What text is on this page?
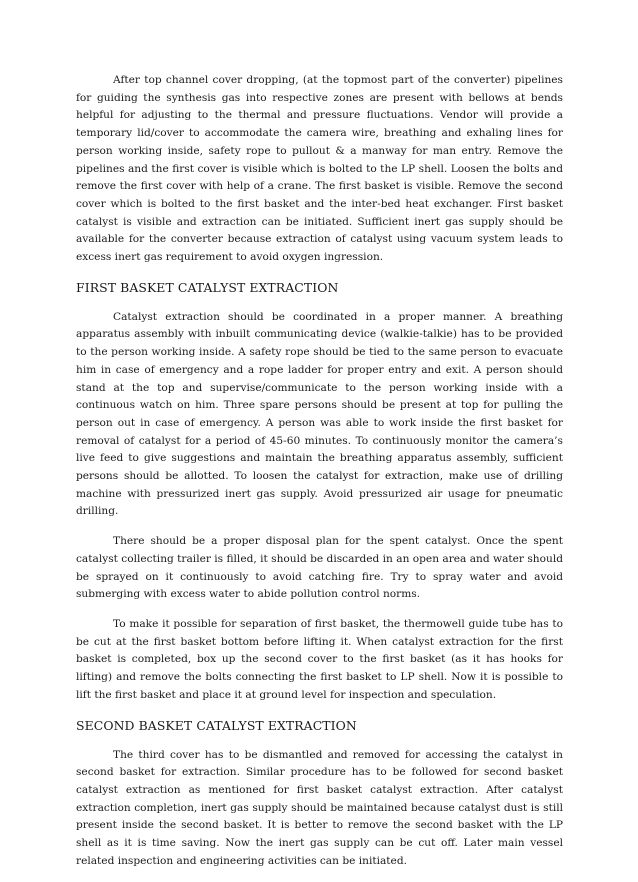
After top channel cover dropping, (at the topmost part of the converter) pipelines for guiding the synthesis gas into respective zones are present with bellows at bends helpful for adjusting to the thermal and pressure fluctuations. Vendor will provide a temporary lid/cover to accommodate the camera wire, breathing and exhaling lines for person working inside, safety rope to pullout & a manway for man entry. Remove the pipelines and the first cover is visible which is bolted to the LP shell. Loosen the bolts and remove the first cover with help of a crane. The first basket is visible. Remove the second cover which is bolted to the first basket and the inter-bed heat exchanger. First basket catalyst is visible and extraction can be initiated. Sufficient inert gas supply should be available for the converter because extraction of catalyst using vacuum system leads to excess inert gas requirement to avoid oxygen ingression.

FIRST BASKET CATALYST EXTRACTION

Catalyst extraction should be coordinated in a proper manner. A breathing apparatus assembly with inbuilt communicating device (walkie-talkie) has to be provided to the person working inside. A safety rope should be tied to the same person to evacuate him in case of emergency and a rope ladder for proper entry and exit. A person should stand at the top and supervise/communicate to the person working inside with a continuous watch on him. Three spare persons should be present at top for pulling the person out in case of emergency. A person was able to work inside the first basket for removal of catalyst for a period of 45-60 minutes. To continuously monitor the camera’s live feed to give suggestions and maintain the breathing apparatus assembly, sufficient persons should be allotted. To loosen the catalyst for extraction, make use of drilling machine with pressurized inert gas supply. Avoid pressurized air usage for pneumatic drilling.

There should be a proper disposal plan for the spent catalyst. Once the spent catalyst collecting trailer is filled, it should be discarded in an open area and water should be sprayed on it continuously to avoid catching fire. Try to spray water and avoid submerging with excess water to abide pollution control norms.

To make it possible for separation of first basket, the thermowell guide tube has to be cut at the first basket bottom before lifting it. When catalyst extraction for the first basket is completed, box up the second cover to the first basket (as it has hooks for lifting) and remove the bolts connecting the first basket to LP shell. Now it is possible to lift the first basket and place it at ground level for inspection and speculation.

SECOND BASKET CATALYST EXTRACTION

The third cover has to be dismantled and removed for accessing the catalyst in second basket for extraction. Similar procedure has to be followed for second basket catalyst extraction as mentioned for first basket catalyst extraction. After catalyst extraction completion, inert gas supply should be maintained because catalyst dust is still present inside the second basket. It is better to remove the second basket with the LP shell as it is time saving. Now the inert gas supply can be cut off. Later main vessel related inspection and engineering activities can be initiated.
